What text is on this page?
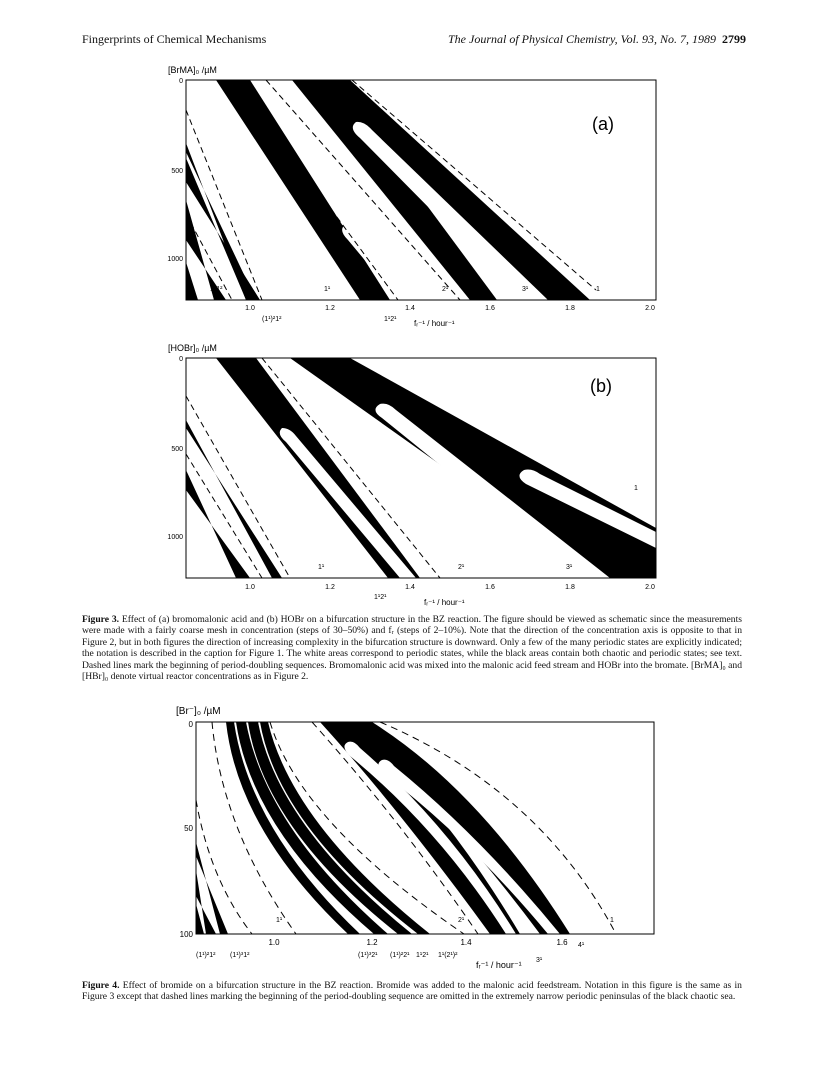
Fingerprints of Chemical Mechanisms	The Journal of Physical Chemistry, Vol. 93, No. 7, 1989 2799
[BrMA]₀ /µM
(a)
0
500
1000
1.0	1.2	1.4	1.6	1.8	2.0
fᵣ⁻¹ / hour⁻¹
1¹1²
(1¹)²1²
1¹
1¹2¹
2¹	3¹	1
[HOBr]₀ /µM
(b)
0
500
1000
1.0	1.2	1.4	1.6	1.8	2.0
fᵣ⁻¹ / hour⁻¹
1¹
1¹2¹
2¹	3¹
4¹
1
[Br⁻]₀ /µM
0
50
100
1.0	1.2	1.4	1.6
fᵣ⁻¹ / hour⁻¹
(1¹)²1² (1¹)³1²
1¹
(1¹)³2¹ (1¹)²2¹ 1¹2¹ 1¹(2¹)²
2¹
3¹
4¹
1
Figure 3. Effect of (a) bromomalonic acid and (b) HOBr on a bifurcation structure in the BZ reaction. The figure should be viewed as schematic since the measurements were made with a fairly coarse mesh in concentration (steps of 30–50%) and fᵣ (steps of 2–10%). Note that the direction of the concentration axis is opposite to that in Figure 2, but in both figures the direction of increasing complexity in the bifurcation structure is downward. Only a few of the many periodic states are explicitly indicated; the notation is described in the caption for Figure 1. The white areas correspond to periodic states, while the black areas contain both chaotic and periodic states; see text. Dashed lines mark the beginning of period-doubling sequences. Bromomalonic acid was mixed into the malonic acid feed stream and HOBr into the bromate. [BrMA]₀ and [HBr]₀ denote virtual reactor concentrations as in Figure 2.
Figure 4. Effect of bromide on a bifurcation structure in the BZ reaction. Bromide was added to the malonic acid feedstream. Notation in this figure is the same as in Figure 3 except that dashed lines marking the beginning of the period-doubling sequence are omitted in the extremely narrow periodic peninsulas of the black chaotic sea.
